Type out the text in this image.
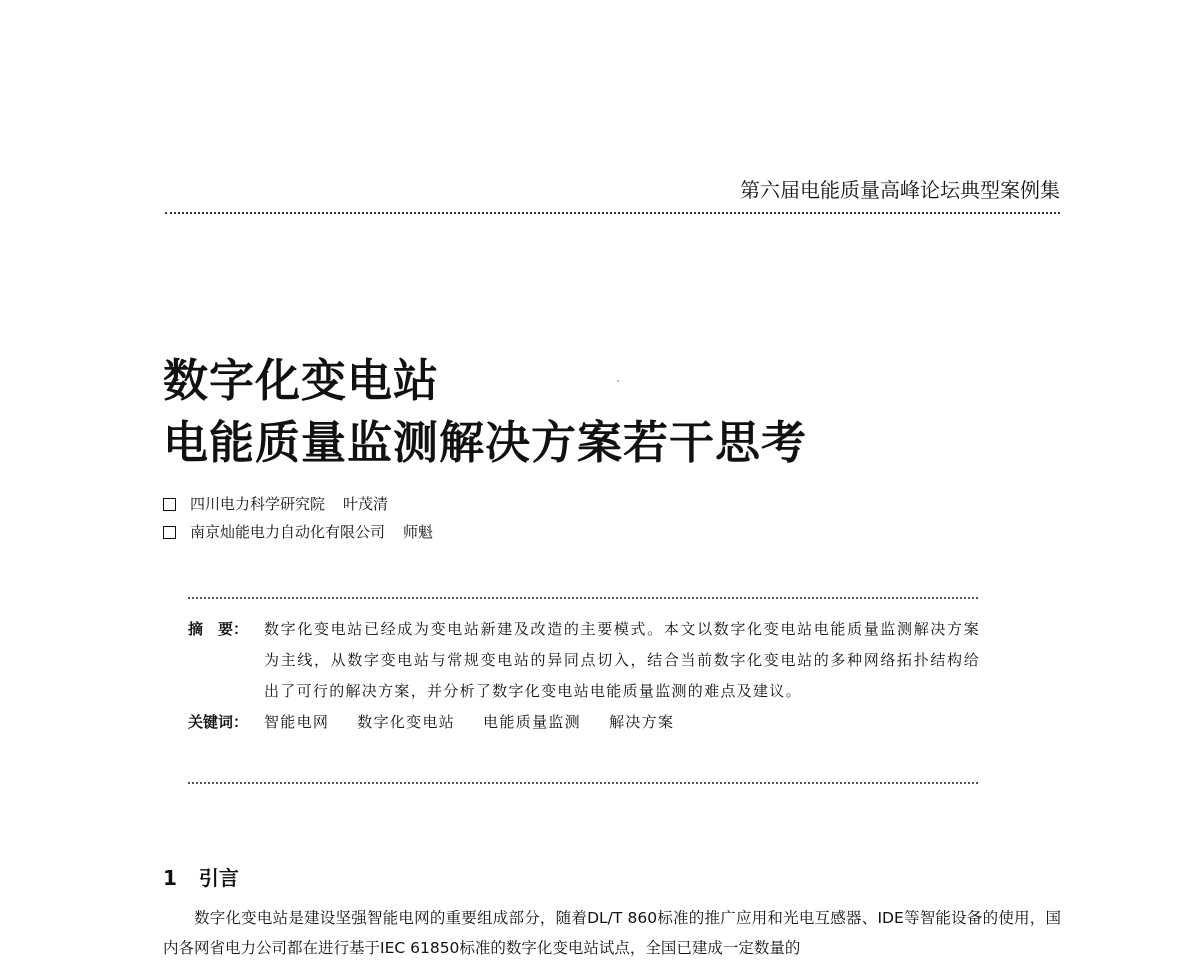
第六届电能质量高峰论坛典型案例集
数字化变电站
电能质量监测解决方案若干思考
四川电力科学研究院 叶茂清
南京灿能电力自动化有限公司 师魁
摘　要：	数字化变电站已经成为变电站新建及改造的主要模式。本文以数字化变电站电能质量监测解决方案为主线，从数字变电站与常规变电站的异同点切入，结合当前数字化变电站的多种网络拓扑结构给出了可行的解决方案，并分析了数字化变电站电能质量监测的难点及建议。
关键词：	智能电网 数字化变电站 电能质量监测 解决方案
1 引言
数字化变电站是建设坚强智能电网的重要组成部分，随着DL/T 860标准的推广应用和光电互感器、IDE等智能设备的使用，国内各网省电力公司都在进行基于IEC 61850标准的数字化变电站试点，全国已建成一定数量的
